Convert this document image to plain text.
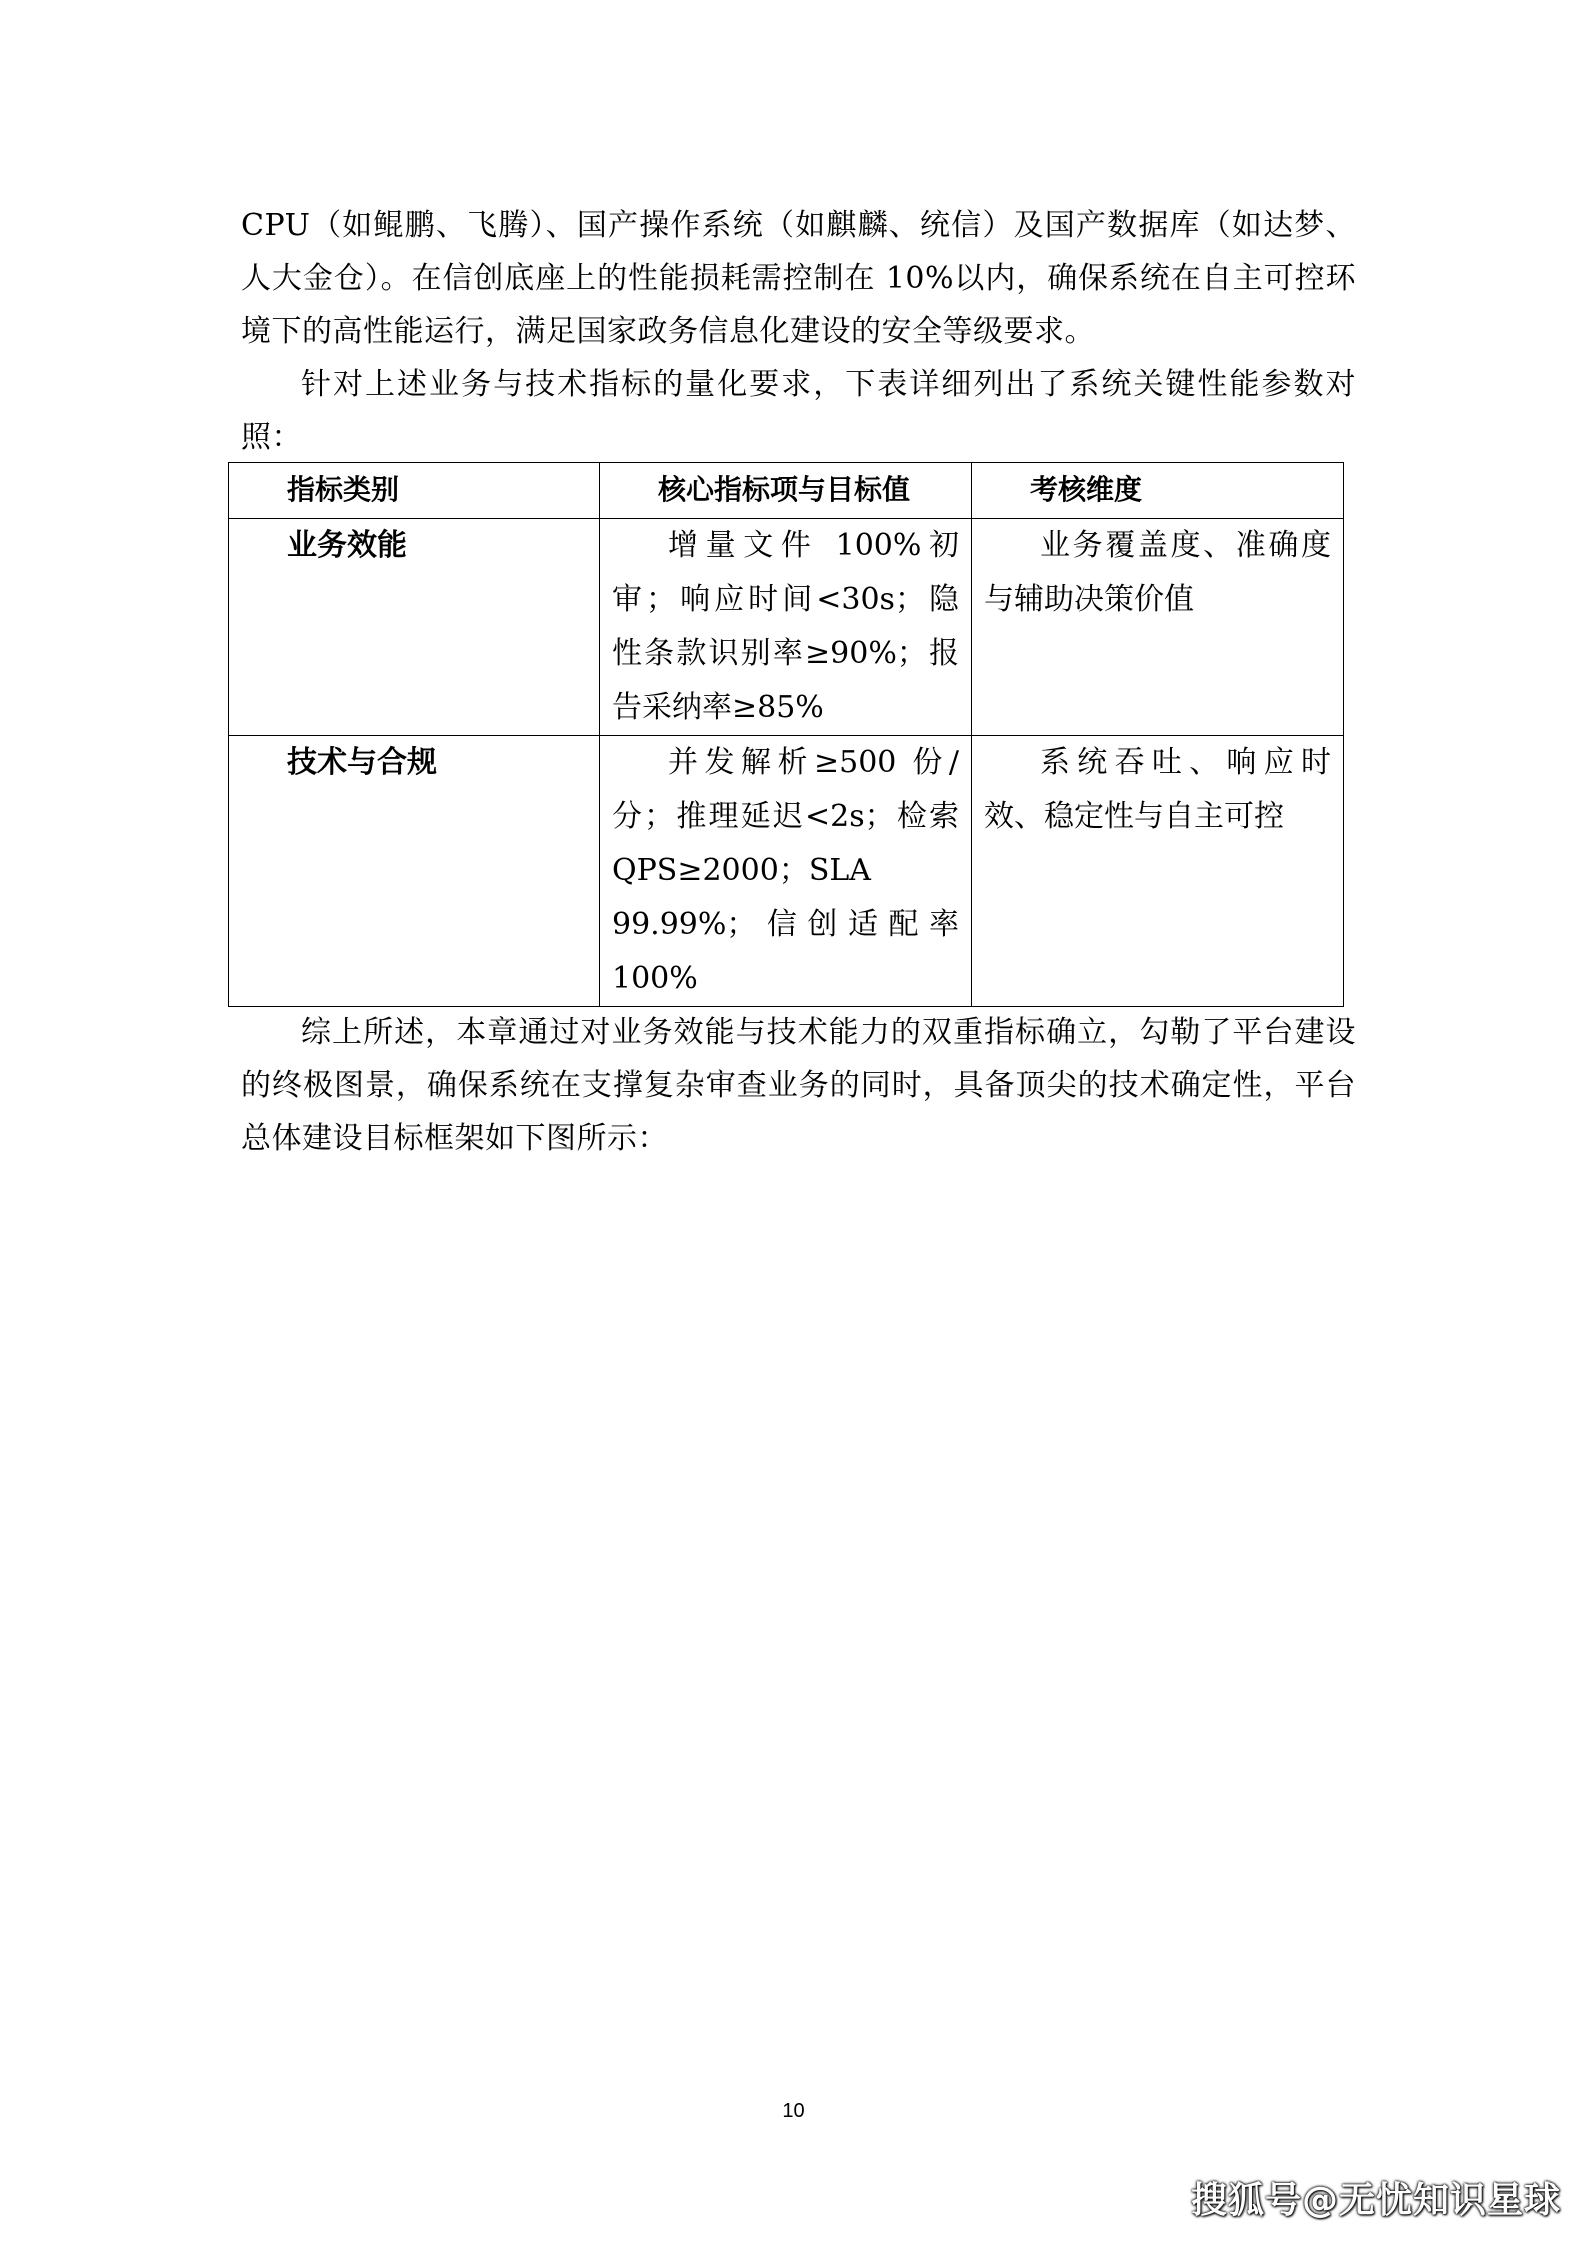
CPU（如鲲鹏、飞腾）、国产操作系统（如麒麟、统信）及国产数据库（如达梦、人大金仓）。在信创底座上的性能损耗需控制在 10%以内，确保系统在自主可控环境下的高性能运行，满足国家政务信息化建设的安全等级要求。

针对上述业务与技术指标的量化要求，下表详细列出了系统关键性能参数对照：

指标类别	核心指标项与目标值	考核维度
业务效能	增量文件 100%初审；响应时间<30s；隐性条款识别率≥90%；报告采纳率≥85%	业务覆盖度、准确度与辅助决策价值
技术与合规	并发解析≥500 份/分；推理延迟<2s；检索 QPS≥2000；SLA 99.99%；信创适配率 100%	系统吞吐、响应时效、稳定性与自主可控

综上所述，本章通过对业务效能与技术能力的双重指标确立，勾勒了平台建设的终极图景，确保系统在支撑复杂审查业务的同时，具备顶尖的技术确定性，平台总体建设目标框架如下图所示：

10
搜狐号@无忧知识星球
